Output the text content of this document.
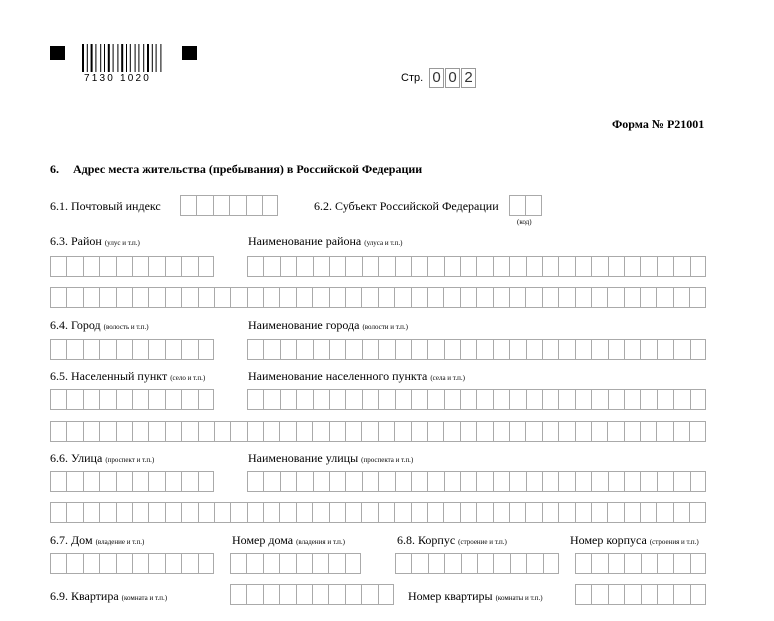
7130 1020	Стр. 0 0 2
Форма № Р21001
6. Адрес места жительства (пребывания) в Российской Федерации
6.1. Почтовый индекс	6.2. Субъект Российской Федерации
(код)
6.3. Район (улус и т.п.)	Наименование района (улуса и т.п.)
6.4. Город (волость и т.п.)	Наименование города (волости и т.п.)
6.5. Населенный пункт (село и т.п.)	Наименование населенного пункта (села и т.п.)
6.6. Улица (проспект и т.п.)	Наименование улицы (проспекта и т.п.)
6.7. Дом (владение и т.п.)	Номер дома (владения и т.п.)	6.8. Корпус (строение и т.п.)	Номер корпуса (строения и т.п.)
6.9. Квартира (комната и т.п.)	Номер квартиры (комнаты и т.п.)
